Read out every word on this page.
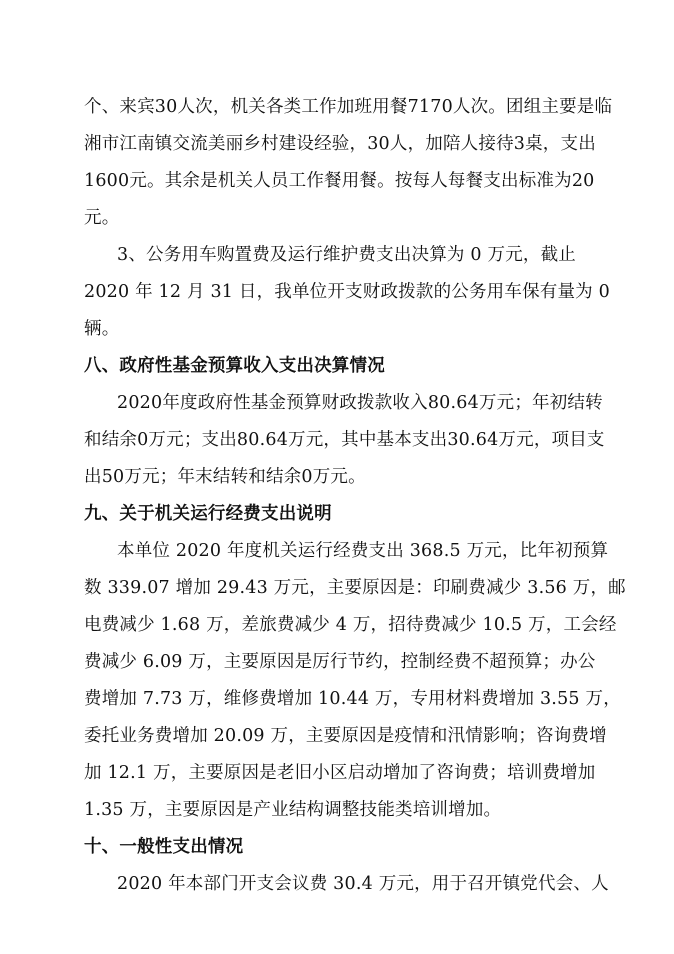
个、来宾30人次，机关各类工作加班用餐7170人次。团组主要是临
湘市江南镇交流美丽乡村建设经验，30人，加陪人接待3桌，支出
1600元。其余是机关人员工作餐用餐。按每人每餐支出标准为20
元。
3、公务用车购置费及运行维护费支出决算为 0 万元，截止
2020 年 12 月 31 日，我单位开支财政拨款的公务用车保有量为 0
辆。
八、政府性基金预算收入支出决算情况
2020年度政府性基金预算财政拨款收入80.64万元；年初结转
和结余0万元；支出80.64万元，其中基本支出30.64万元，项目支
出50万元；年末结转和结余0万元。
九、关于机关运行经费支出说明
本单位 2020 年度机关运行经费支出 368.5 万元，比年初预算
数 339.07 增加 29.43 万元，主要原因是：印刷费减少 3.56 万，邮
电费减少 1.68 万，差旅费减少 4 万，招待费减少 10.5 万，工会经
费减少 6.09 万，主要原因是厉行节约，控制经费不超预算；办公
费增加 7.73 万，维修费增加 10.44 万，专用材料费增加 3.55 万，
委托业务费增加 20.09 万，主要原因是疫情和汛情影响；咨询费增
加 12.1 万，主要原因是老旧小区启动增加了咨询费；培训费增加
1.35 万，主要原因是产业结构调整技能类培训增加。
十、一般性支出情况
2020 年本部门开支会议费 30.4 万元，用于召开镇党代会、人
